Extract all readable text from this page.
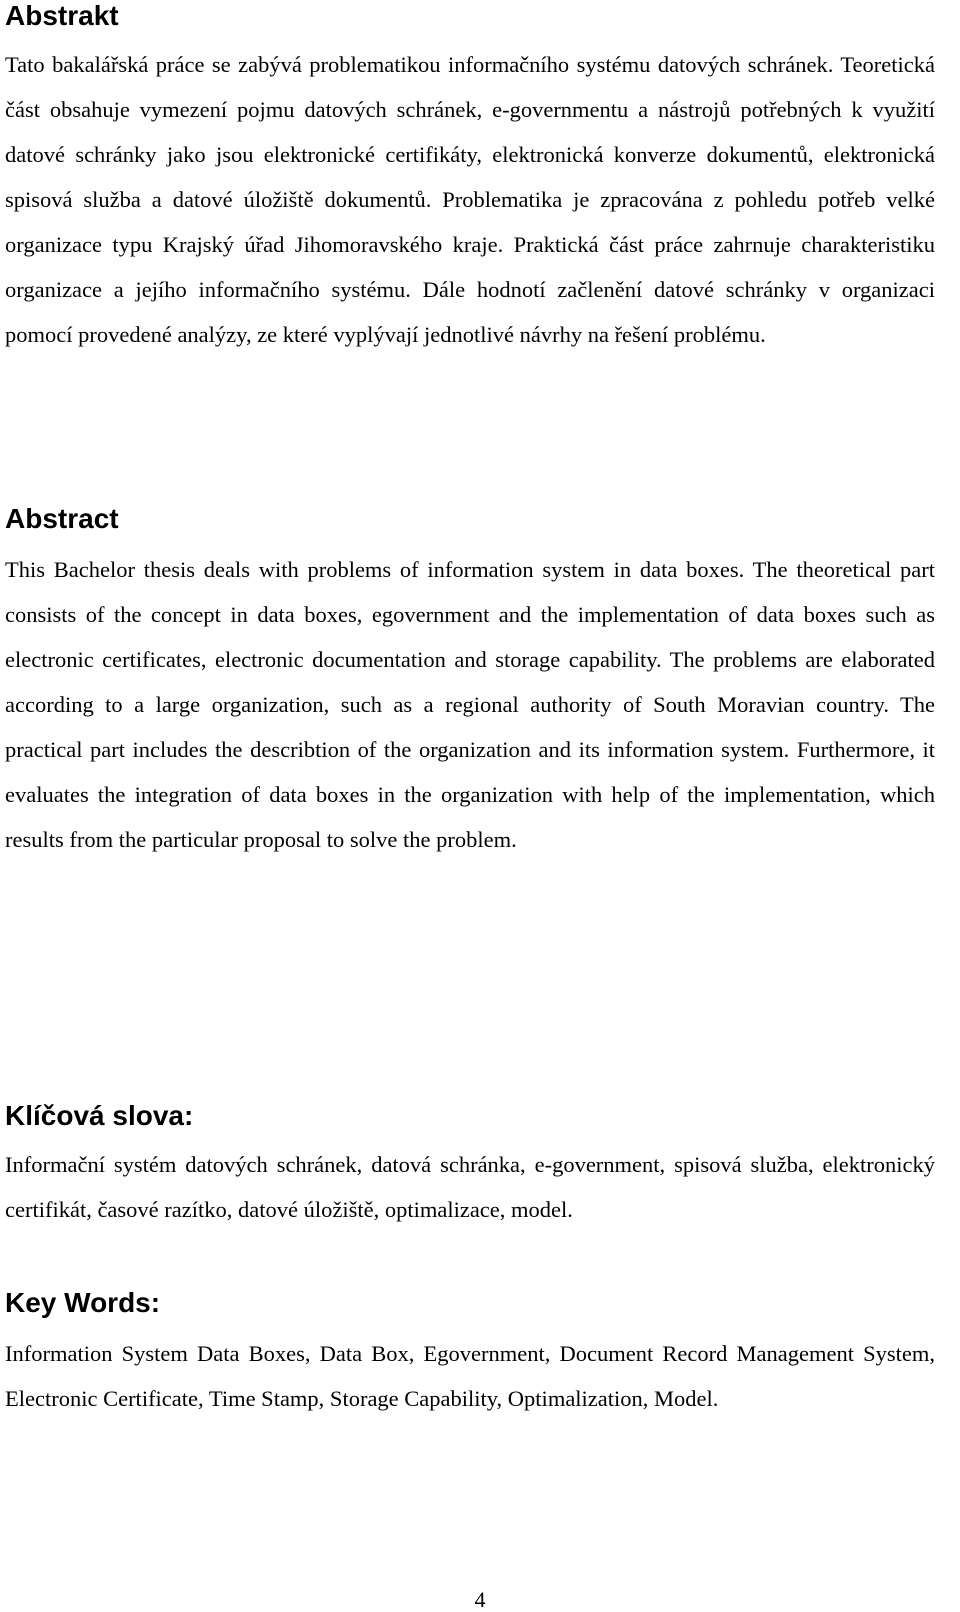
Abstrakt

Tato bakalářská práce se zabývá problematikou informačního systému datových schránek. Teoretická část obsahuje vymezení pojmu datových schránek, e-governmentu a nástrojů potřebných k využití datové schránky jako jsou elektronické certifikáty, elektronická konverze dokumentů, elektronická spisová služba a datové úložiště dokumentů. Problematika je zpracována z pohledu potřeb velké organizace typu Krajský úřad Jihomoravského kraje. Praktická část práce zahrnuje charakteristiku organizace a jejího informačního systému. Dále hodnotí začlenění datové schránky v organizaci pomocí provedené analýzy, ze které vyplývají jednotlivé návrhy na řešení problému.

Abstract

This Bachelor thesis deals with problems of information system in data boxes. The theoretical part consists of the concept in data boxes, egovernment and the implementation of data boxes such as electronic certificates, electronic documentation and storage capability. The problems are elaborated according to a large organization, such as a regional authority of South Moravian country. The practical part includes the describtion of the organization and its information system. Furthermore, it evaluates the integration of data boxes in the organization with help of the implementation, which results from the particular proposal to solve the problem.

Klíčová slova:

Informační systém datových schránek, datová schránka, e-government, spisová služba, elektronický certifikát, časové razítko, datové úložiště, optimalizace, model.

Key Words:

Information System Data Boxes, Data Box, Egovernment, Document Record Management System, Electronic Certificate, Time Stamp, Storage Capability, Optimalization, Model.

4
